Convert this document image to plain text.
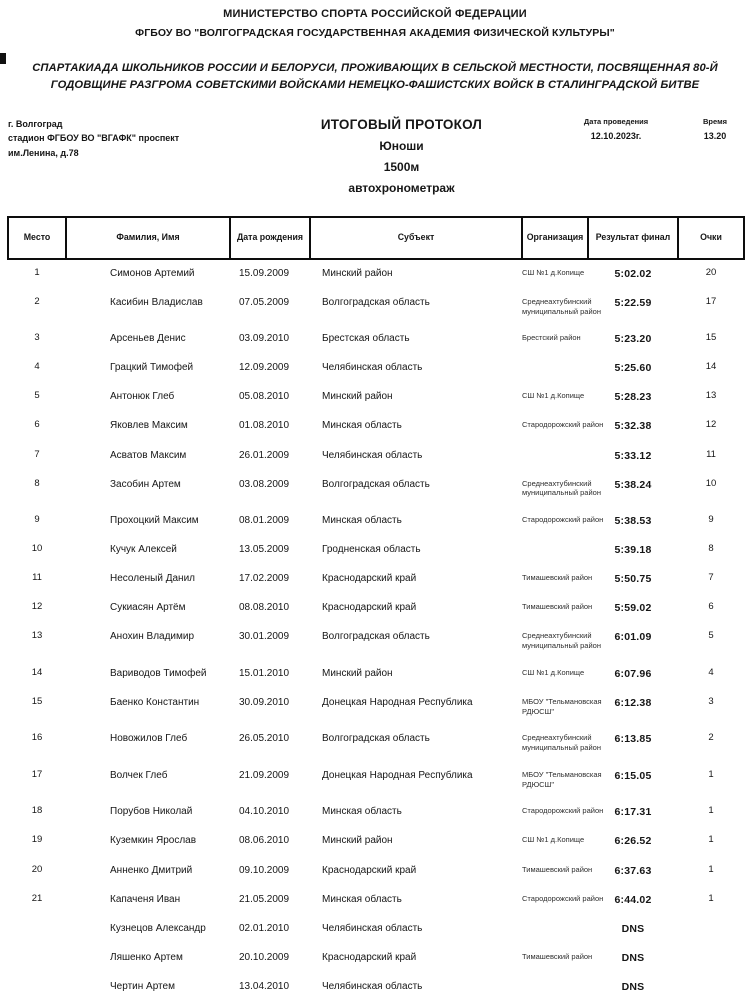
МИНИСТЕРСТВО СПОРТА РОССИЙСКОЙ ФЕДЕРАЦИИ
ФГБОУ ВО "ВОЛГОГРАДСКАЯ ГОСУДАРСТВЕННАЯ АКАДЕМИЯ ФИЗИЧЕСКОЙ КУЛЬТУРЫ"
СПАРТАКИАДА ШКОЛЬНИКОВ РОССИИ И БЕЛОРУСИ, ПРОЖИВАЮЩИХ В СЕЛЬСКОЙ МЕСТНОСТИ, ПОСВЯЩЕННАЯ 80-Й ГОДОВЩИНЕ РАЗГРОМА СОВЕТСКИМИ ВОЙСКАМИ НЕМЕЦКО-ФАШИСТСКИХ ВОЙСК В СТАЛИНГРАДСКОЙ БИТВЕ
г. Волгоград
стадион ФГБОУ ВО "ВГАФК" проспект
им.Ленина, д.78
ИТОГОВЫЙ ПРОТОКОЛ
Юноши
1500м
автохронометраж
Дата проведения
12.10.2023г.
Время
13.20
Место	Фамилия, Имя	Дата рождения	Субъект	Организация	Результат финал	Очки
1	Симонов Артемий	15.09.2009	Минский район	СШ №1 д.Копище	5:02.02	20
2	Касибин Владислав	07.05.2009	Волгоградская область	Среднеахтубинский муниципальный район	5:22.59	17
3	Арсеньев Денис	03.09.2010	Брестская область	Брестский район	5:23.20	15
4	Грацкий Тимофей	12.09.2009	Челябинская область		5:25.60	14
5	Антонюк Глеб	05.08.2010	Минский район	СШ №1 д.Копище	5:28.23	13
6	Яковлев Максим	01.08.2010	Минская область	Стародорожский район	5:32.38	12
7	Асватов Максим	26.01.2009	Челябинская область		5:33.12	11
8	Засобин Артем	03.08.2009	Волгоградская область	Среднеахтубинский муниципальный район	5:38.24	10
9	Прохоцкий Максим	08.01.2009	Минская область	Стародорожский район	5:38.53	9
10	Кучук Алексей	13.05.2009	Гродненская область		5:39.18	8
11	Несоленый Данил	17.02.2009	Краснодарский край	Тимашевский район	5:50.75	7
12	Сукиасян Артём	08.08.2010	Краснодарский край	Тимашевский район	5:59.02	6
13	Анохин Владимир	30.01.2009	Волгоградская область	Среднеахтубинский муниципальный район	6:01.09	5
14	Вариводов Тимофей	15.01.2010	Минский район	СШ №1 д.Копище	6:07.96	4
15	Баенко Константин	30.09.2010	Донецкая Народная Республика	МБОУ "Тельмановская РДЮСШ"	6:12.38	3
16	Новожилов Глеб	26.05.2010	Волгоградская область	Среднеахтубинский муниципальный район	6:13.85	2
17	Волчек Глеб	21.09.2009	Донецкая Народная Республика	МБОУ "Тельмановская РДЮСШ"	6:15.05	1
18	Порубов Николай	04.10.2010	Минская область	Стародорожский район	6:17.31	1
19	Куземкин Ярослав	08.06.2010	Минский район	СШ №1 д.Копище	6:26.52	1
20	Анненко Дмитрий	09.10.2009	Краснодарский край	Тимашевский район	6:37.63	1
21	Капаченя Иван	21.05.2009	Минская область	Стародорожский район	6:44.02	1
	Кузнецов Александр	02.01.2010	Челябинская область		DNS	
	Ляшенко Артем	20.10.2009	Краснодарский край	Тимашевский район	DNS	
	Чертин Артем	13.04.2010	Челябинская область		DNS	
